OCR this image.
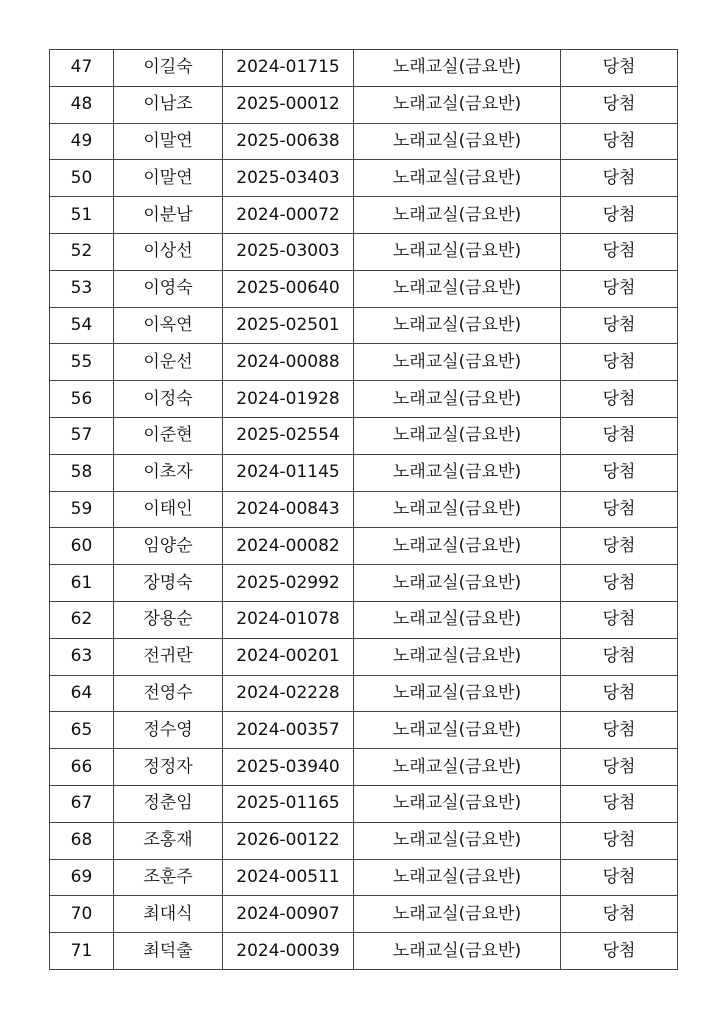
47	이길숙	2024-01715	노래교실(금요반)	당첨
48	이남조	2025-00012	노래교실(금요반)	당첨
49	이말연	2025-00638	노래교실(금요반)	당첨
50	이말연	2025-03403	노래교실(금요반)	당첨
51	이분남	2024-00072	노래교실(금요반)	당첨
52	이상선	2025-03003	노래교실(금요반)	당첨
53	이영숙	2025-00640	노래교실(금요반)	당첨
54	이옥연	2025-02501	노래교실(금요반)	당첨
55	이운선	2024-00088	노래교실(금요반)	당첨
56	이정숙	2024-01928	노래교실(금요반)	당첨
57	이준현	2025-02554	노래교실(금요반)	당첨
58	이초자	2024-01145	노래교실(금요반)	당첨
59	이태인	2024-00843	노래교실(금요반)	당첨
60	임양순	2024-00082	노래교실(금요반)	당첨
61	장명숙	2025-02992	노래교실(금요반)	당첨
62	장용순	2024-01078	노래교실(금요반)	당첨
63	전귀란	2024-00201	노래교실(금요반)	당첨
64	전영수	2024-02228	노래교실(금요반)	당첨
65	정수영	2024-00357	노래교실(금요반)	당첨
66	정정자	2025-03940	노래교실(금요반)	당첨
67	정춘임	2025-01165	노래교실(금요반)	당첨
68	조홍재	2026-00122	노래교실(금요반)	당첨
69	조훈주	2024-00511	노래교실(금요반)	당첨
70	최대식	2024-00907	노래교실(금요반)	당첨
71	최덕출	2024-00039	노래교실(금요반)	당첨
